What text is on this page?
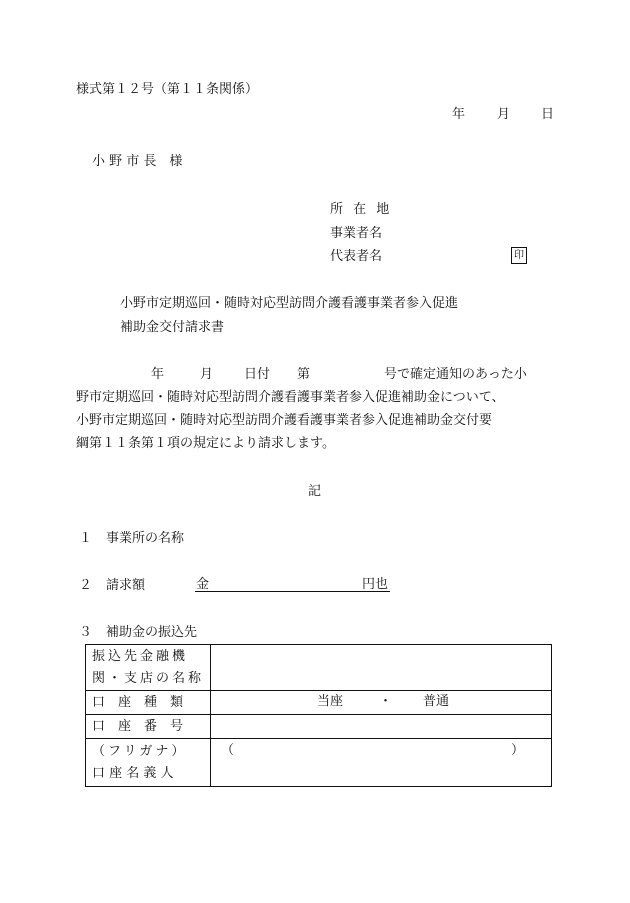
様式第１２号（第１１条関係）
年 月 日
小 野 市 長　様
所 在 地
事業者名
代表者名	印
小野市定期巡回・随時対応型訪問介護看護事業者参入促進
補助金交付請求書
年	月 日付 第	号で確定通知のあった小
野市定期巡回・随時対応型訪問介護看護事業者参入促進補助金について、
小野市定期巡回・随時対応型訪問介護看護事業者参入促進補助金交付要
綱第１１条第１項の規定により請求します。
記
１ 事業所の名称
２ 請求額	金	円也
３ 補助金の振込先
振込先金融機
関・支店の名称	

口　座　種　類	当座 ・ 普通

口　座　番　号	

（フリガナ）
口 座 名 義 人	（ ）
